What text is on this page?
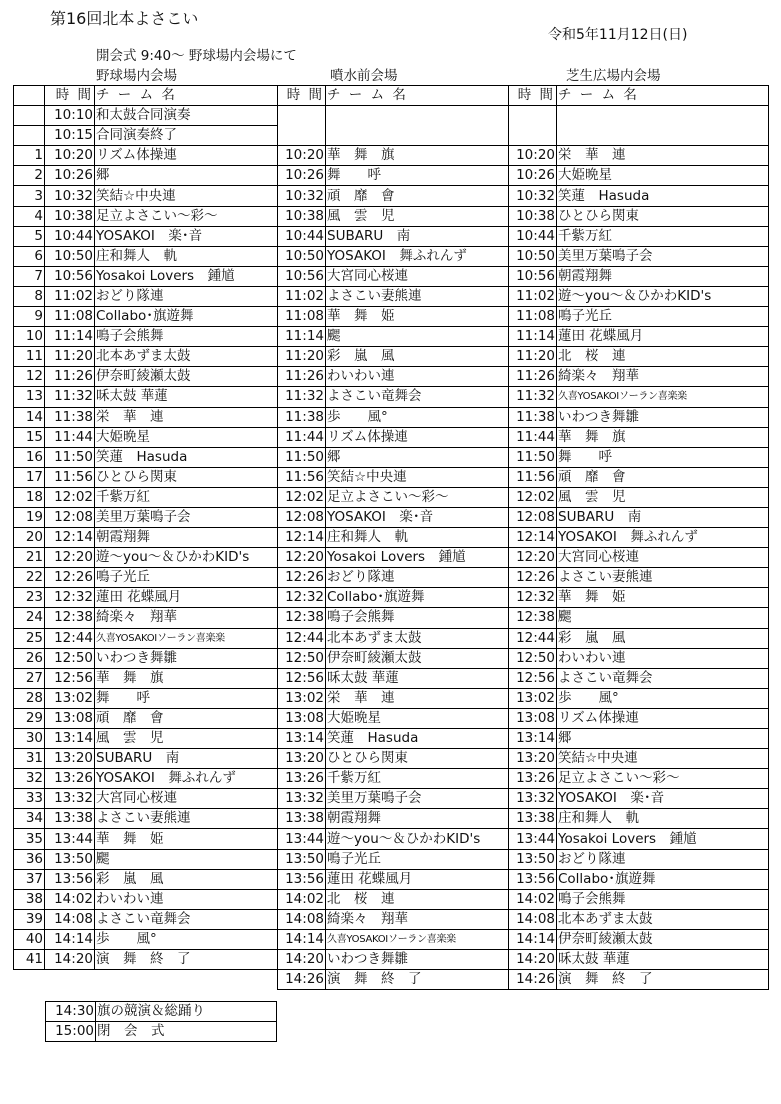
第16回北本よさこい
令和5年11月12日(日)
開会式 9:40～ 野球場内会場にて
野球場内会場	噴水前会場	芝生広場内会場
	時 間	チ ー ム 名	時 間	チ ー ム 名	時 間	チ ー ム 名
	10:10	和太鼓合同演奏				
	10:15	合同演奏終了				
1	10:20	リズム体操連	10:20	華　舞　旗	10:20	栄　華　連
2	10:26	郷	10:26	舞　　呼	10:26	大姫晩星
3	10:32	笑結☆中央連	10:32	頑　靡　會	10:32	笑蓮　Hasuda
4	10:38	足立よさこい～彩～	10:38	風　雲　児	10:38	ひとひら関東
5	10:44	YOSAKOI　楽･音	10:44	SUBARU　南	10:44	千紫万紅
6	10:50	庄和舞人　軌	10:50	YOSAKOI　舞ふれんず	10:50	美里万葉鳴子会
7	10:56	Yosakoi Lovers　鍾馗	10:56	大宮同心桜連	10:56	朝霞翔舞
8	11:02	おどり隊連	11:02	よさこい妻熊連	11:02	遊～you～＆ひかわKID's
9	11:08	Collabo･旗遊舞	11:08	華　舞　姫	11:08	鳴子光丘
10	11:14	鳴子会熊舞	11:14	颸	11:14	蓮田 花蝶風月
11	11:20	北本あずま太鼓	11:20	彩　嵐　風	11:20	北　桜　連
12	11:26	伊奈町綾瀬太鼓	11:26	わいわい連	11:26	綺楽々　翔華
13	11:32	咊太鼓 華蓮	11:32	よさこい竜舞会	11:32	久喜YOSAKOIソーラン喜楽楽
14	11:38	栄　華　連	11:38	歩　　風°	11:38	いわつき舞雛
15	11:44	大姫晩星	11:44	リズム体操連	11:44	華　舞　旗
16	11:50	笑蓮　Hasuda	11:50	郷	11:50	舞　　呼
17	11:56	ひとひら関東	11:56	笑結☆中央連	11:56	頑　靡　會
18	12:02	千紫万紅	12:02	足立よさこい～彩～	12:02	風　雲　児
19	12:08	美里万葉鳴子会	12:08	YOSAKOI　楽･音	12:08	SUBARU　南
20	12:14	朝霞翔舞	12:14	庄和舞人　軌	12:14	YOSAKOI　舞ふれんず
21	12:20	遊～you～＆ひかわKID's	12:20	Yosakoi Lovers　鍾馗	12:20	大宮同心桜連
22	12:26	鳴子光丘	12:26	おどり隊連	12:26	よさこい妻熊連
23	12:32	蓮田 花蝶風月	12:32	Collabo･旗遊舞	12:32	華　舞　姫
24	12:38	綺楽々　翔華	12:38	鳴子会熊舞	12:38	颸
25	12:44	久喜YOSAKOIソーラン喜楽楽	12:44	北本あずま太鼓	12:44	彩　嵐　風
26	12:50	いわつき舞雛	12:50	伊奈町綾瀬太鼓	12:50	わいわい連
27	12:56	華　舞　旗	12:56	咊太鼓 華蓮	12:56	よさこい竜舞会
28	13:02	舞　　呼	13:02	栄　華　連	13:02	歩　　風°
29	13:08	頑　靡　會	13:08	大姫晩星	13:08	リズム体操連
30	13:14	風　雲　児	13:14	笑蓮　Hasuda	13:14	郷
31	13:20	SUBARU　南	13:20	ひとひら関東	13:20	笑結☆中央連
32	13:26	YOSAKOI　舞ふれんず	13:26	千紫万紅	13:26	足立よさこい～彩～
33	13:32	大宮同心桜連	13:32	美里万葉鳴子会	13:32	YOSAKOI　楽･音
34	13:38	よさこい妻熊連	13:38	朝霞翔舞	13:38	庄和舞人　軌
35	13:44	華　舞　姫	13:44	遊～you～＆ひかわKID's	13:44	Yosakoi Lovers　鍾馗
36	13:50	颸	13:50	鳴子光丘	13:50	おどり隊連
37	13:56	彩　嵐　風	13:56	蓮田 花蝶風月	13:56	Collabo･旗遊舞
38	14:02	わいわい連	14:02	北　桜　連	14:02	鳴子会熊舞
39	14:08	よさこい竜舞会	14:08	綺楽々　翔華	14:08	北本あずま太鼓
40	14:14	歩　　風°	14:14	久喜YOSAKOIソーラン喜楽楽	14:14	伊奈町綾瀬太鼓
41	14:20	演　舞　終　了	14:20	いわつき舞雛	14:20	咊太鼓 華蓮
			14:26	演　舞　終　了	14:26	演　舞　終　了
14:30	旗の競演＆総踊り
15:00	閉　会　式
